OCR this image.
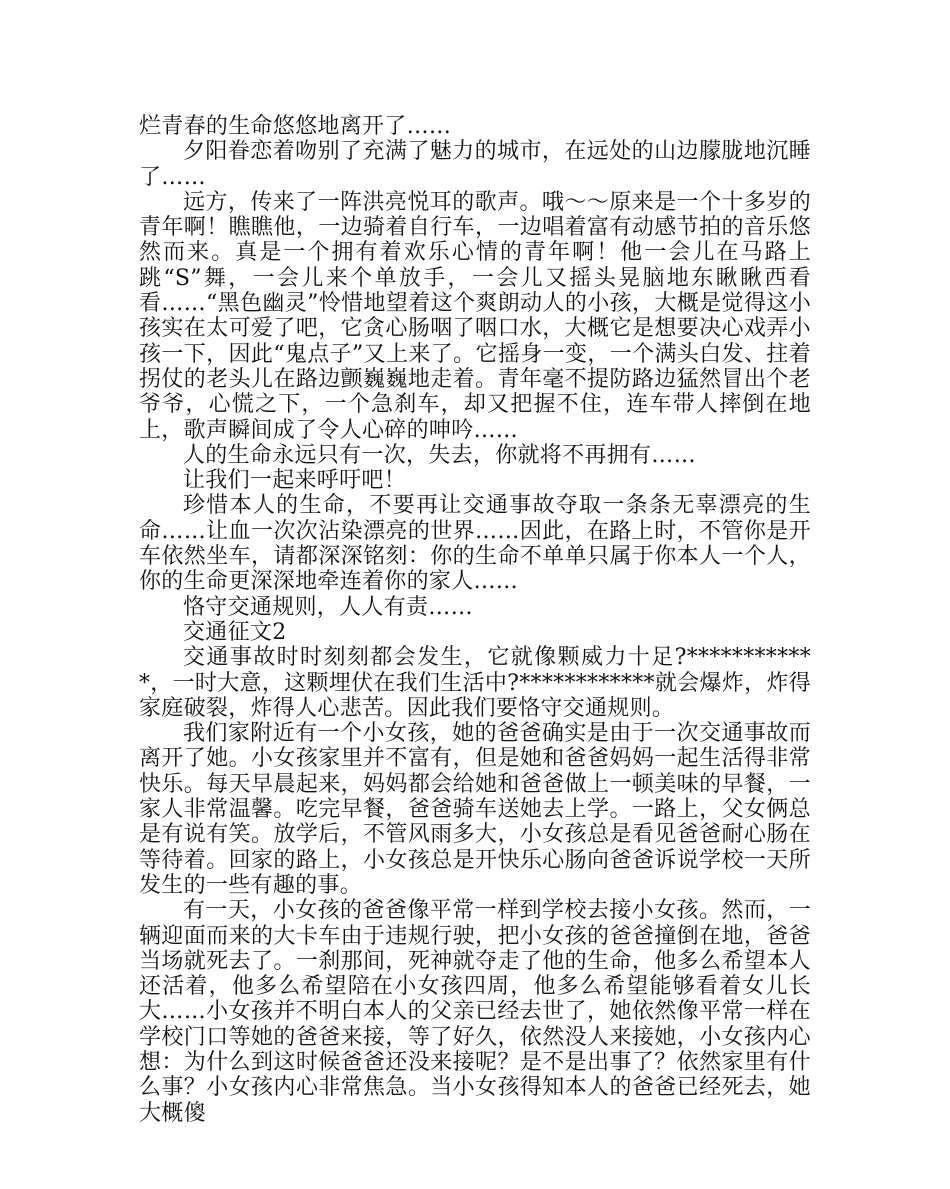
烂青春的生命悠悠地离开了……

夕阳眷恋着吻别了充满了魅力的城市，在远处的山边朦胧地沉睡了……

远方，传来了一阵洪亮悦耳的歌声。哦～～原来是一个十多岁的青年啊！瞧瞧他，一边骑着自行车，一边唱着富有动感节拍的音乐悠然而来。真是一个拥有着欢乐心情的青年啊！他一会儿在马路上跳“S”舞，一会儿来个单放手，一会儿又摇头晃脑地东瞅瞅西看看……“黑色幽灵”怜惜地望着这个爽朗动人的小孩，大概是觉得这小孩实在太可爱了吧，它贪心肠咽了咽口水，大概它是想要决心戏弄小孩一下，因此“鬼点子”又上来了。它摇身一变，一个满头白发、拄着拐仗的老头儿在路边颤巍巍地走着。青年毫不提防路边猛然冒出个老爷爷，心慌之下，一个急刹车，却又把握不住，连车带人摔倒在地上，歌声瞬间成了令人心碎的呻吟……

人的生命永远只有一次，失去，你就将不再拥有……

让我们一起来呼吁吧！

珍惜本人的生命，不要再让交通事故夺取一条条无辜漂亮的生命……让血一次次沾染漂亮的世界……因此，在路上时，不管你是开车依然坐车，请都深深铭刻：你的生命不单单只属于你本人一个人，你的生命更深深地牵连着你的家人……

恪守交通规则，人人有责……

交通征文2

交通事故时时刻刻都会发生，它就像颗威力十足?************，一时大意，这颗埋伏在我们生活中?************就会爆炸，炸得家庭破裂，炸得人心悲苦。因此我们要恪守交通规则。

我们家附近有一个小女孩，她的爸爸确实是由于一次交通事故而离开了她。小女孩家里并不富有，但是她和爸爸妈妈一起生活得非常快乐。每天早晨起来，妈妈都会给她和爸爸做上一顿美味的早餐，一家人非常温馨。吃完早餐，爸爸骑车送她去上学。一路上，父女俩总是有说有笑。放学后，不管风雨多大，小女孩总是看见爸爸耐心肠在等待着。回家的路上，小女孩总是开快乐心肠向爸爸诉说学校一天所发生的一些有趣的事。

有一天，小女孩的爸爸像平常一样到学校去接小女孩。然而，一辆迎面而来的大卡车由于违规行驶，把小女孩的爸爸撞倒在地，爸爸当场就死去了。一刹那间，死神就夺走了他的生命，他多么希望本人还活着，他多么希望陪在小女孩四周，他多么希望能够看着女儿长大……小女孩并不明白本人的父亲已经去世了，她依然像平常一样在学校门口等她的爸爸来接，等了好久，依然没人来接她，小女孩内心想：为什么到这时候爸爸还没来接呢？是不是出事了？依然家里有什么事？小女孩内心非常焦急。当小女孩得知本人的爸爸已经死去，她大概傻
